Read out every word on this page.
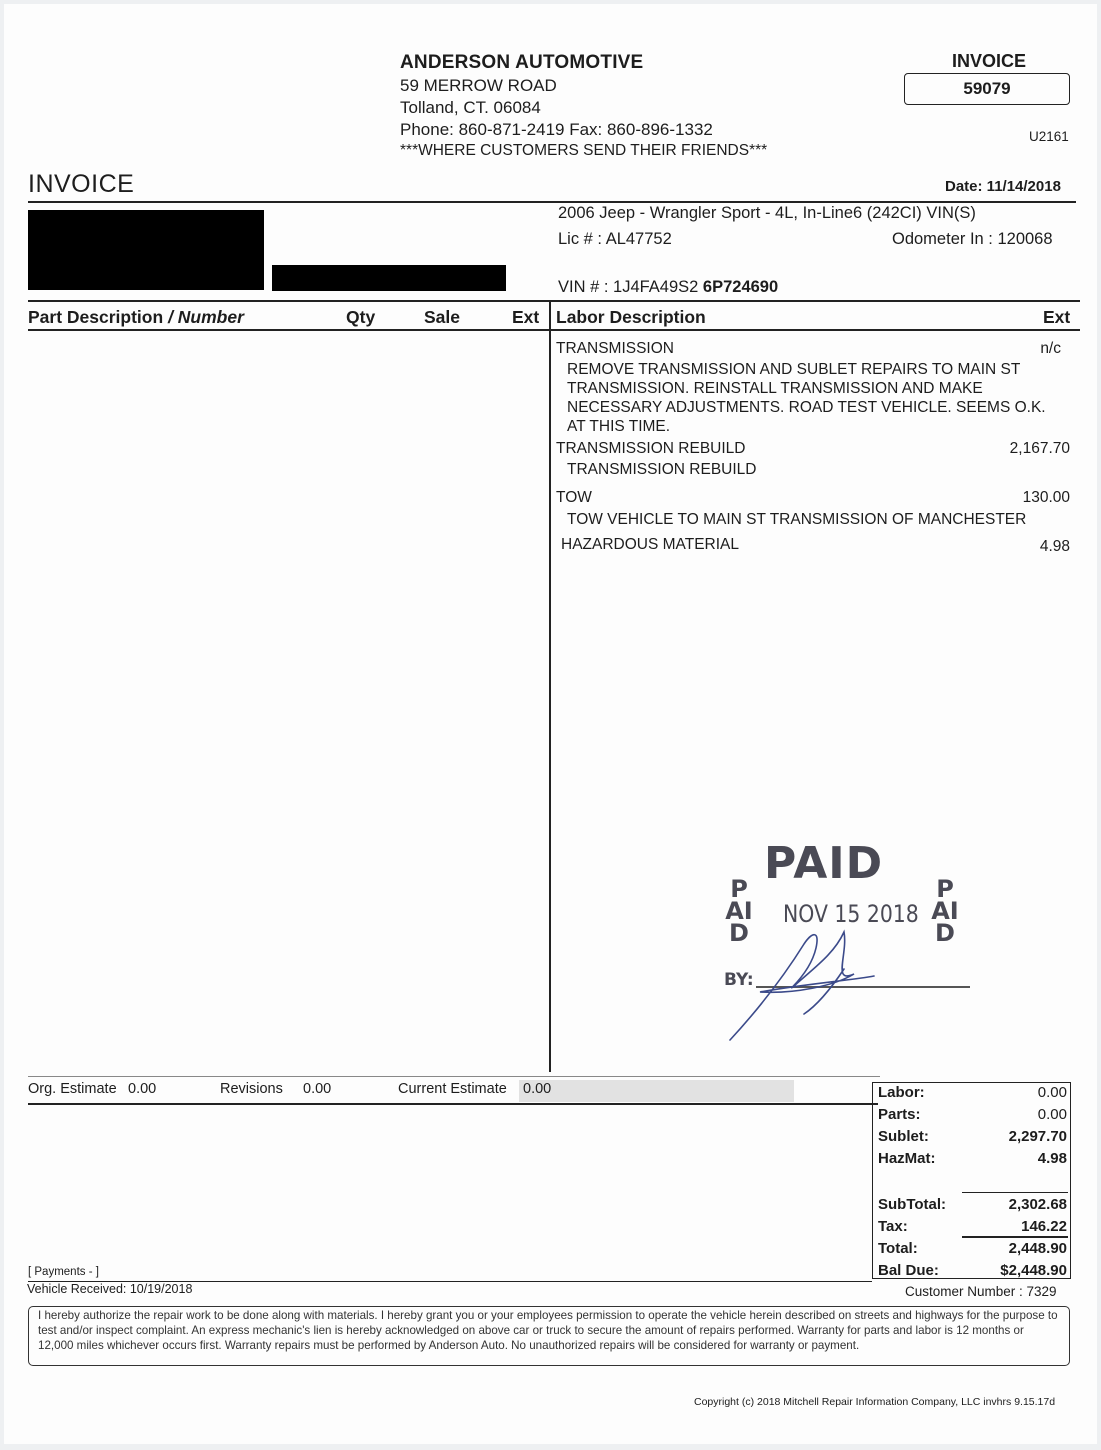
ANDERSON AUTOMOTIVE
59 MERROW ROAD
Tolland, CT. 06084
Phone: 860-871-2419 Fax: 860-896-1332
***WHERE CUSTOMERS SEND THEIR FRIENDS***
INVOICE
59079
U2161
INVOICE	Date: 11/14/2018
2006 Jeep - Wrangler Sport - 4L, In-Line6 (242CI) VIN(S)
Lic # : AL47752	Odometer In : 120068
VIN # : 1J4FA49S2 6P724690
Part Description / Number	Qty	Sale	Ext Labor Description	Ext
TRANSMISSION	n/c
REMOVE TRANSMISSION AND SUBLET REPAIRS TO MAIN ST TRANSMISSION. REINSTALL TRANSMISSION AND MAKE NECESSARY ADJUSTMENTS. ROAD TEST VEHICLE. SEEMS O.K. AT THIS TIME.
TRANSMISSION REBUILD	2,167.70
TRANSMISSION REBUILD
TOW	130.00
TOW VEHICLE TO MAIN ST TRANSMISSION OF MANCHESTER
HAZARDOUS MATERIAL	4.98
PAID
PAID
PAID
NOV 15 2018
BY:
Org. Estimate 0.00	Revisions 0.00	Current Estimate 0.00	Labor:	0.00
Parts:	0.00
Sublet:	2,297.70
HazMat:	4.98
SubTotal:	2,302.68
Tax:	146.22
Total:	2,448.90
Bal Due:	$2,448.90
[ Payments - ]
Vehicle Received: 10/19/2018	Customer Number : 7329
I hereby authorize the repair work to be done along with materials. I hereby grant you or your employees permission to operate the vehicle herein described on streets and highways for the purpose to test and/or inspect complaint. An express mechanic's lien is hereby acknowledged on above car or truck to secure the amount of repairs performed. Warranty for parts and labor is 12 months or 12,000 miles whichever occurs first. Warranty repairs must be performed by Anderson Auto. No unauthorized repairs will be considered for warranty or payment.
Copyright (c) 2018 Mitchell Repair Information Company, LLC invhrs 9.15.17d
